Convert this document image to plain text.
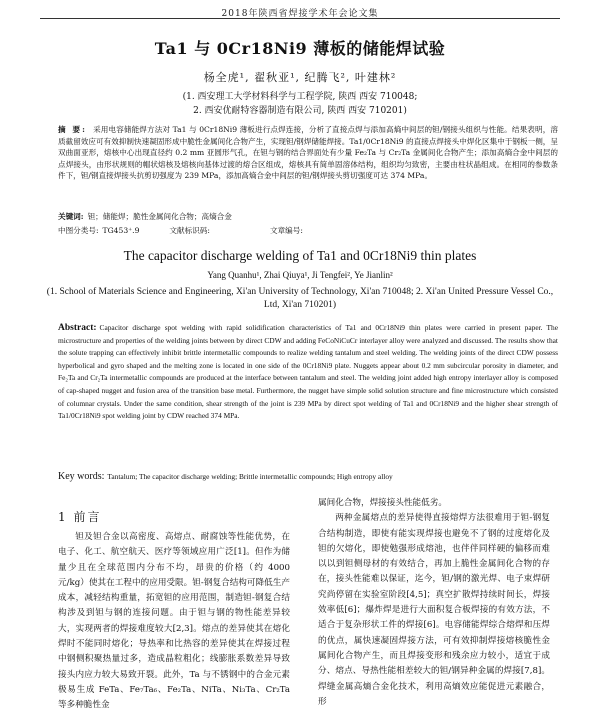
2018年陕西省焊接学术年会论文集
Ta1 与 0Cr18Ni9 薄板的储能焊试验
杨全虎¹, 翟秋亚¹, 纪腾飞², 叶建林²
(1. 西安理工大学材料科学与工程学院, 陕西 西安 710048;
2. 西安优耐特容器制造有限公司, 陕西 西安 710201)
摘 要: 采用电容储能焊方法对 Ta1 与 0Cr18Ni9 薄板进行点焊连接，分析了直接点焊与添加高熵中间层的钽/钢接头组织与性能。结果表明，溶质截留效应可有效抑制快速凝固形成中脆性金属间化合物产生，实现钽/钢焊储能焊接。Ta1/0Cr18Ni9 的直接点焊接头中焊化区集中于钢板一侧，呈双曲面亚形，熔核中心出现直径约 0.2 mm 亚圆形气孔，在钽与钢的结合界面处有少量 Fe₂Ta 与 Cr₂Ta 金属间化合物产生；添加高熵合金中间层的点焊接头，由形状规则的帽状熔核及熔核向基体过渡的熔合区组成，熔核具有简单固溶体结构，组织均匀致密，主要由柱状晶组成。在相同的参数条件下，钽/钢直接焊接头抗剪切强度为 239 MPa，添加高熵合金中间层的钽/钢焊接头剪切强度可达 374 MPa。
关键词: 钽；储能焊；脆性金属间化合物；高熵合金
中图分类号: TG453⁺.9	文献标识码:	文章编号:
The capacitor discharge welding of Ta1 and 0Cr18Ni9 thin plates
Yang Quanhu¹, Zhai Qiuya¹, Ji Tengfei², Ye Jianlin²
(1. School of Materials Science and Engineering, Xi'an University of Technology, Xi'an 710048; 2. Xi'an United Pressure Vessel Co., Ltd, Xi'an 710201)
Abstract: Capacitor discharge spot welding with rapid solidification characteristics of Ta1 and 0Cr18Ni9 thin plates were carried in present paper. The microstructure and properties of the welding joints between by direct CDW and adding FeCoNiCuCr interlayer alloy were analyzed and discussed. The results show that the solute trapping can effectively inhibit brittle intermetallic compounds to realize welding tantalum and steel welding. The welding joints of the direct CDW possess hyperbolical and gyro shaped and the melting zone is located in one side of the 0Cr18Ni9 plate. Nuggets appear about 0.2 mm subcircular porosity in diameter, and Fe₂Ta and Cr₂Ta intermetallic compounds are produced at the interface between tantalum and steel. The welding joint added high entropy interlayer alloy is composed of cap-shaped nugget and fusion area of the transition base metal. Furthermore, the nugget have simple solid solution structure and fine microstructure which consisted of columnar crystals. Under the same condition, shear strength of the joint is 239 MPa by direct spot welding of Ta1 and 0Cr18Ni9 and the higher shear strength of Ta1/0Cr18Ni9 spot welding joint by CDW reached 374 MPa.
Key words: Tantalum; The capacitor discharge welding; Brittle intermetallic compounds; High entropy alloy
1 前言

钽及钽合金以高密度、高熔点、耐腐蚀等性能优势，在电子、化工、航空航天、医疗等领域应用广泛[1]。但作为储量少且在全球范围内分布不均，昂贵的价格（约 4000 元/kg）使其在工程中的应用受限。钽-钢复合结构可降低生产成本，减轻结构重量，拓宽钽的应用范围，制造钽-钢复合结构涉及到钽与钢的连接问题。由于钽与钢的物性能差异较大，实现两者的焊接难度较大[2,3]。熔点的差异使其在熔化焊时不能同时熔化；导热率和比热容的差异使其在焊接过程中钢侧积聚热量过多，造成晶粒粗化；线膨胀系数差异导致接头内应力较大易致开裂。此外，Ta 与不锈钢中的合金元素极易生成 FeTa、Fe₇Ta₆、Fe₂Ta、NiTa、Ni₃Ta、Cr₂Ta 等多种脆性金

属间化合物，焊接接头性能低劣。

两种金属熔点的差异使得直接熔焊方法很难用于钽-钢复合结构制造，即使有能实现焊接也避免不了钢的过度熔化及钽的欠熔化，即使勉强形成熔池，也伴伴同样硬的偏移而难以以到钽侧母材的有效结合，再加上脆性金属间化合物的存在，接头性能难以保证，迄今，钽/钢的激光焊、电子束焊研究尚停留在实验室阶段[4,5]；真空扩散焊持续时间长，焊接效率低[6]；爆炸焊是进行大面积复合板焊接的有效方法，不适合于复杂形状工件的焊接[6]。电容储能焊综合熔焊和压焊的优点，属快速凝固焊接方法，可有效抑制焊接熔核脆性金属间化合物产生，而且焊接变形和残余应力较小，适宜于成分、熔点、导热性能相差较大的钽/钢异种金属的焊接[7,8]。焊缝金属高熵合金化技术，利用高熵效应能促进元素融合，形
